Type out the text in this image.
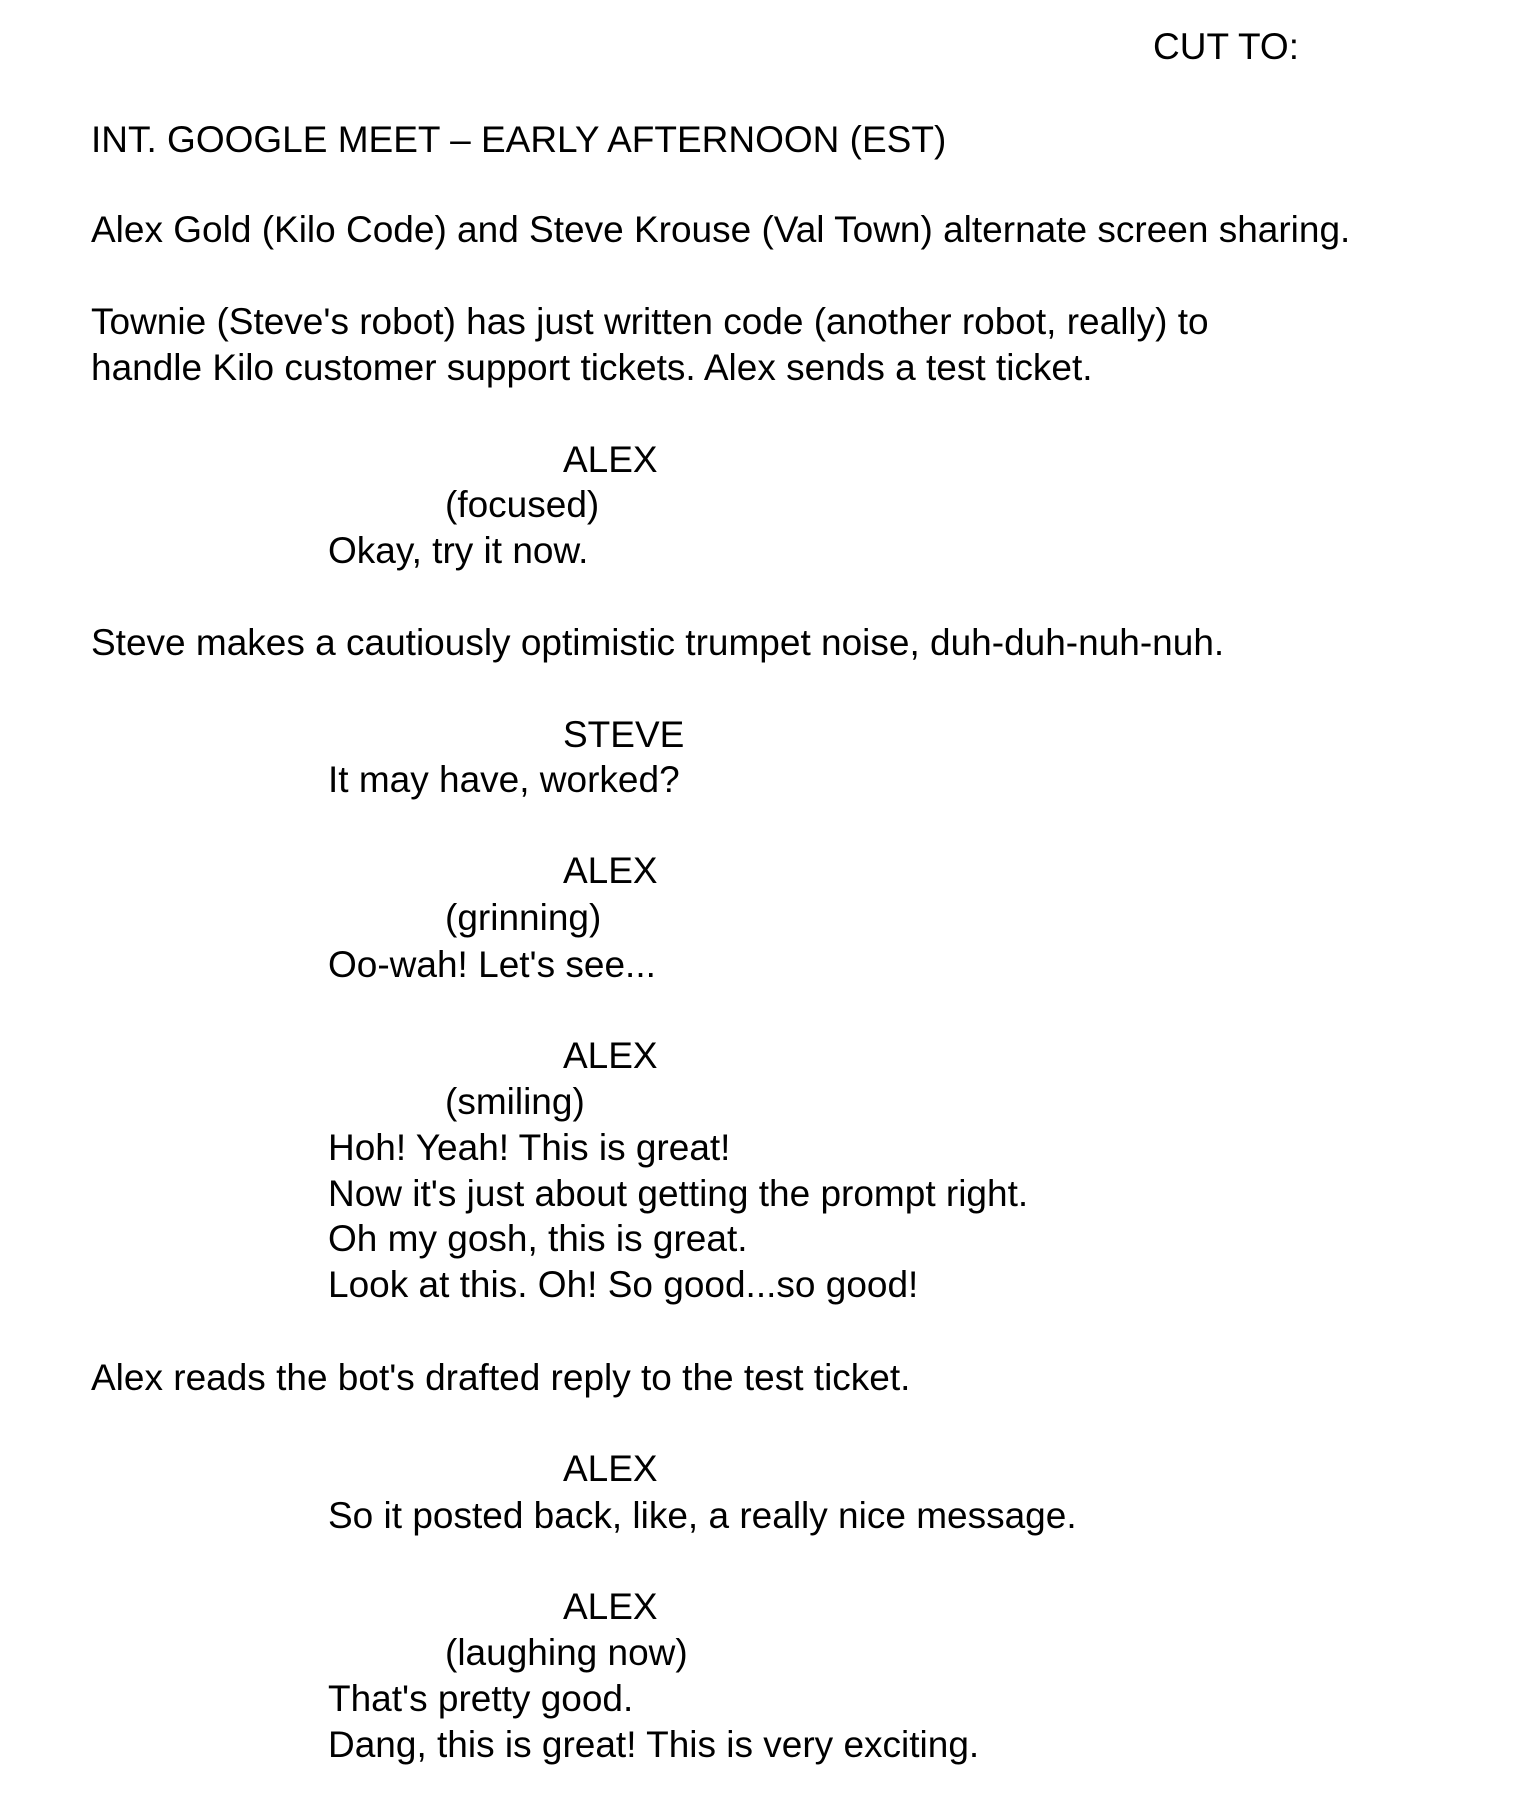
CUT TO:
INT. GOOGLE MEET – EARLY AFTERNOON (EST)
Alex Gold (Kilo Code) and Steve Krouse (Val Town) alternate screen sharing.
Townie (Steve's robot) has just written code (another robot, really) to
handle Kilo customer support tickets. Alex sends a test ticket.
ALEX
(focused)
Okay, try it now.
Steve makes a cautiously optimistic trumpet noise, duh-duh-nuh-nuh.
STEVE
It may have, worked?
ALEX
(grinning)
Oo-wah! Let's see...
ALEX
(smiling)
Hoh! Yeah! This is great!
Now it's just about getting the prompt right.
Oh my gosh, this is great.
Look at this. Oh! So good...so good!
Alex reads the bot's drafted reply to the test ticket.
ALEX
So it posted back, like, a really nice message.
ALEX
(laughing now)
That's pretty good.
Dang, this is great! This is very exciting.
